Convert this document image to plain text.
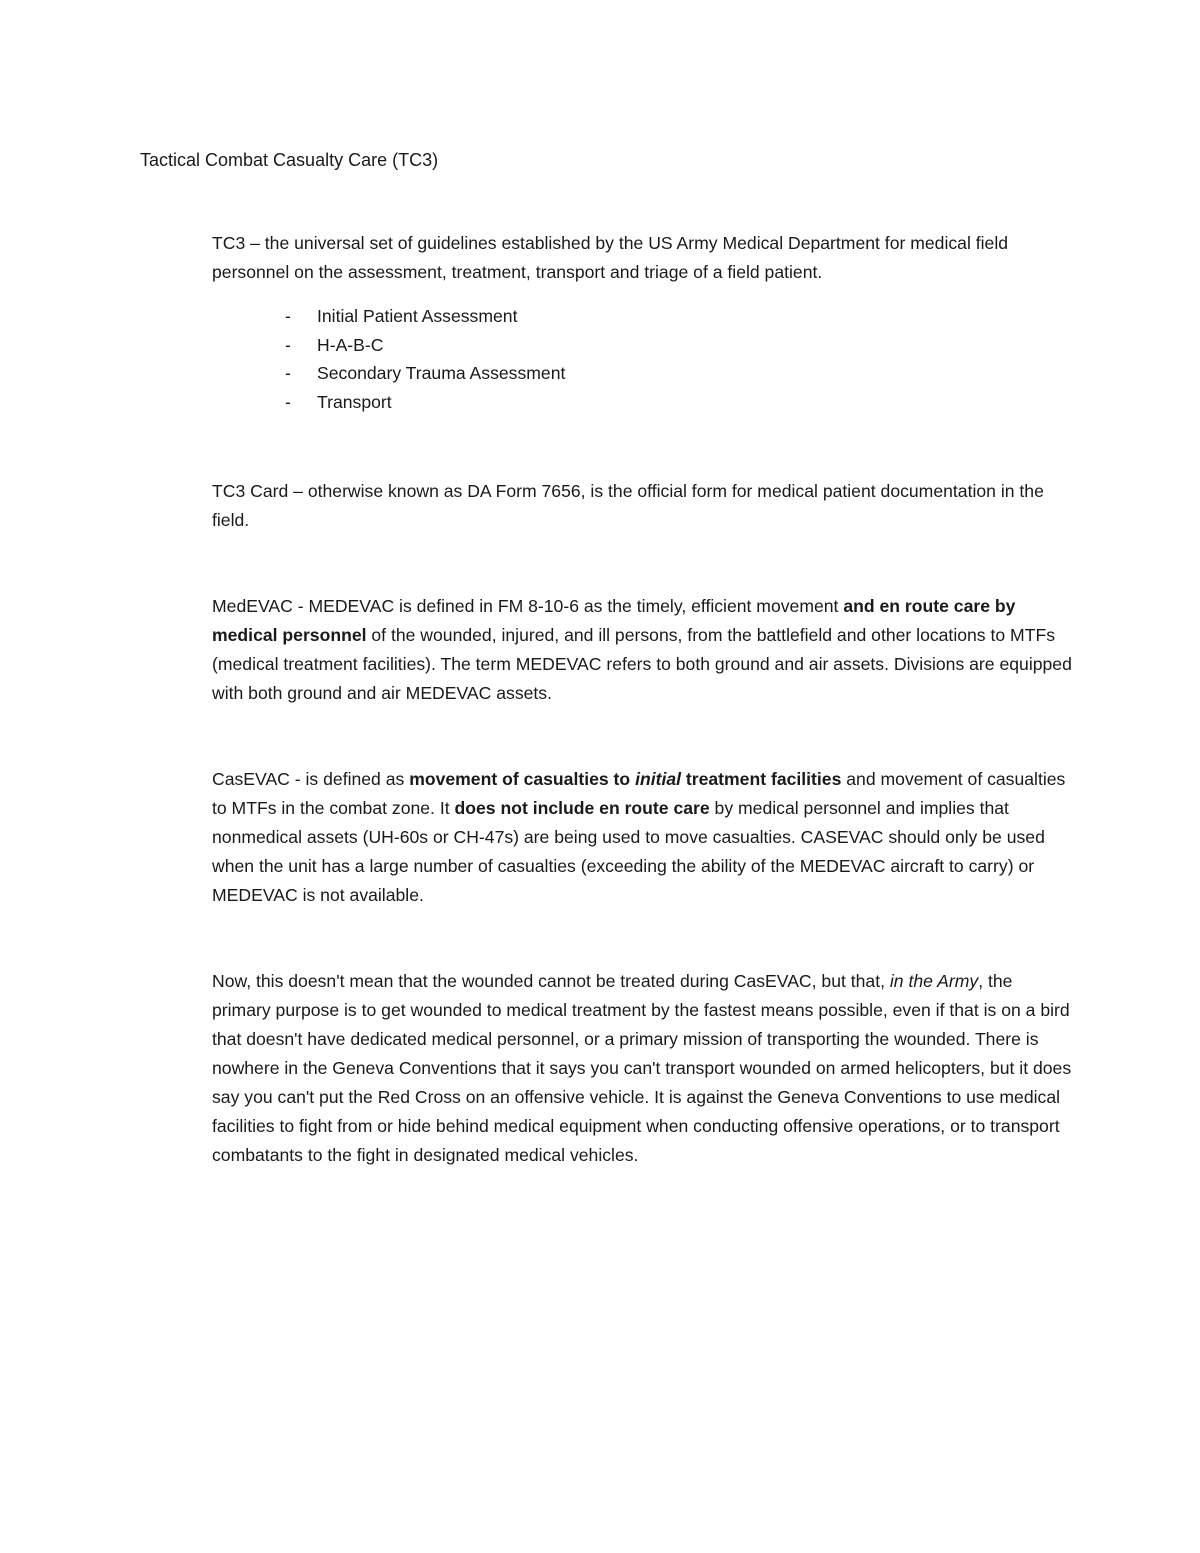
Tactical Combat Casualty Care (TC3)

TC3 – the universal set of guidelines established by the US Army Medical Department for medical field personnel on the assessment, treatment, transport and triage of a field patient.

- Initial Patient Assessment
- H-A-B-C
- Secondary Trauma Assessment
- Transport

TC3 Card – otherwise known as DA Form 7656, is the official form for medical patient documentation in the field.

MedEVAC - MEDEVAC is defined in FM 8-10-6 as the timely, efficient movement and en route care by medical personnel of the wounded, injured, and ill persons, from the battlefield and other locations to MTFs (medical treatment facilities). The term MEDEVAC refers to both ground and air assets. Divisions are equipped with both ground and air MEDEVAC assets.

CasEVAC - is defined as movement of casualties to initial treatment facilities and movement of casualties to MTFs in the combat zone. It does not include en route care by medical personnel and implies that nonmedical assets (UH-60s or CH-47s) are being used to move casualties. CASEVAC should only be used when the unit has a large number of casualties (exceeding the ability of the MEDEVAC aircraft to carry) or MEDEVAC is not available.

Now, this doesn't mean that the wounded cannot be treated during CasEVAC, but that, in the Army, the primary purpose is to get wounded to medical treatment by the fastest means possible, even if that is on a bird that doesn't have dedicated medical personnel, or a primary mission of transporting the wounded. There is nowhere in the Geneva Conventions that it says you can't transport wounded on armed helicopters, but it does say you can't put the Red Cross on an offensive vehicle. It is against the Geneva Conventions to use medical facilities to fight from or hide behind medical equipment when conducting offensive operations, or to transport combatants to the fight in designated medical vehicles.
